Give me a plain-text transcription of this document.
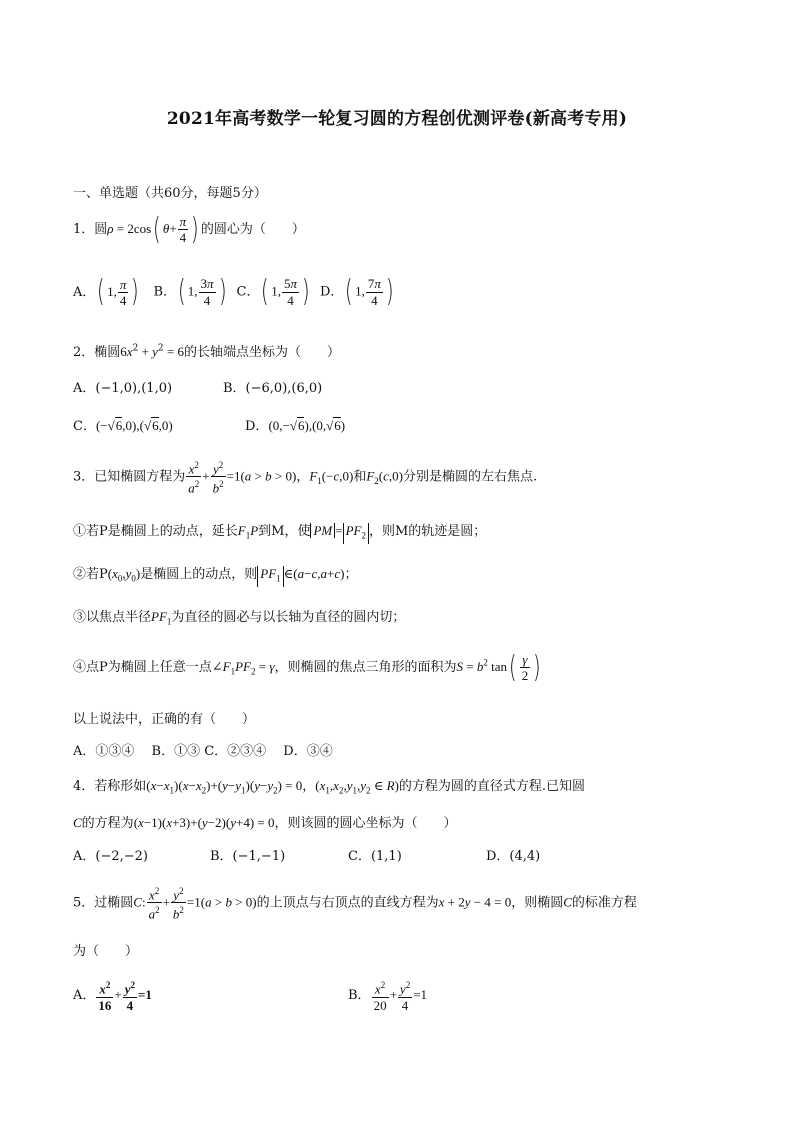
2021年高考数学一轮复习圆的方程创优测评卷(新高考专用)
一、单选题（共60分，每题5分）
1．圆ρ = 2cos( $\theta+ \frac{\pi}{4}$ ) 的圆心为（　　）
A．( 1, $\frac{\pi}{4}$ ) B．( 1, $\frac{3\pi}{4}$ ) C．( 1, $\frac{5\pi}{4}$ ) D．( 1, $\frac{7\pi}{4}$ )
2．椭圆$6x^2 + y^2 = 6$的长轴端点坐标为（　　）
A．(−1,0),(1,0)	B．(−6,0),(6,0)
C．(−√6,0),(√6,0)	D．(0,−√6),(0,√6)
3．已知椭圆方程为 $\frac{x^2}{a^2} + \frac{y^2}{b^2} =1(a > b > 0)$，$F_1(-c,0)$和$F_2(c,0)$分别是椭圆的左右焦点.
①若P是椭圆上的动点，延长$F_1P$到M，使 PM = $PF_2$ ，则M的轨迹是圆；
②若$P(x_0,y_0)$是椭圆上的动点，则 $PF_1$ ∈(a−c,a+c)；
③以焦点半径$PF_1$为直径的圆必与以长轴为直径的圆内切；
④点P为椭圆上任意一点$\angle F_1PF_2 = \gamma$，则椭圆的焦点三角形的面积为$S = b^2$ $\tan( \frac{\gamma}{2}$ )
以上说法中，正确的有（　　）
A．①③④　 B．①③ C．②③④　 D．③④
4．若称形如$(x-x_1)(x-x_2)+(y-y_1)(y-y_2) = 0$，($x_1,x_2,y_1,y_2$ ∈ R)的方程为圆的直径式方程.已知圆
C的方程为(x−1)(x+3)+(y−2)(y+4) = 0，则该圆的圆心坐标为（　　）
A．(−2,−2)	B．(−1,−1)	C．(1,1)	D．(4,4)
5．过椭圆C: $\frac{x^2}{a^2} + \frac{y^2}{b^2} =1(a > b > 0)$的上顶点与右顶点的直线方程为x + 2y − 4 = 0，则椭圆C的标准方程
为（　　）
A． $\frac{x^2}{16} + \frac{y^2}{4} =1$	B． $\frac{x^2}{20} + \frac{y^2}{4} =1$
